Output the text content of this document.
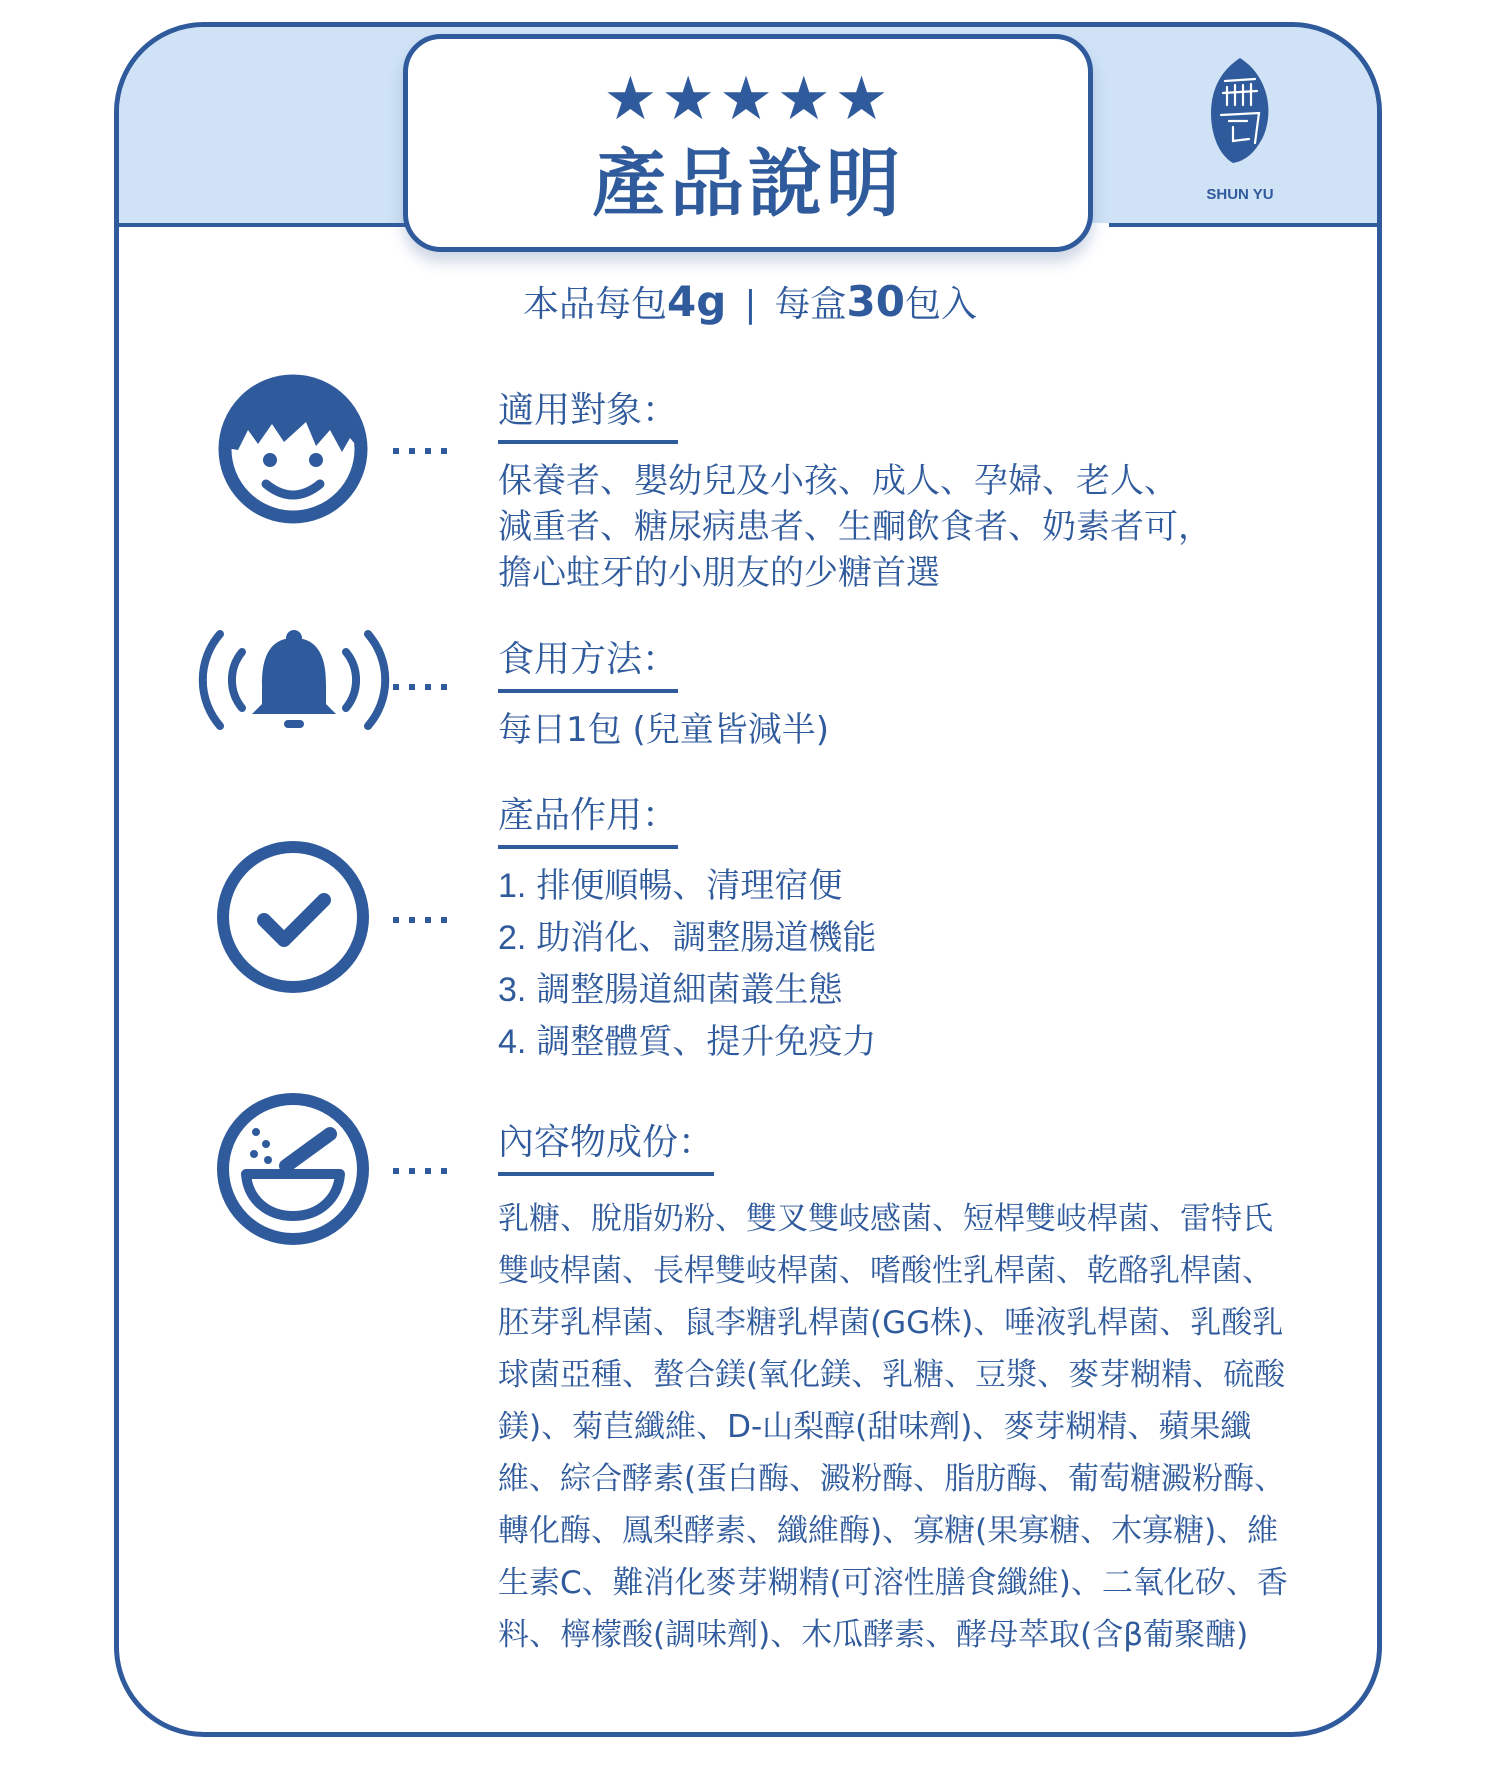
★★★★★
產品說明	SHUN YU
本品每包4g | 每盒30包入
適用對象：
保養者、嬰幼兒及小孩、成人、孕婦、老人、
減重者、糖尿病患者、生酮飲食者、奶素者可，
擔心蛀牙的小朋友的少糖首選
食用方法：
每日1包 (兒童皆減半)
產品作用：
1. 排便順暢、清理宿便
2. 助消化、調整腸道機能
3. 調整腸道細菌叢生態
4. 調整體質、提升免疫力
內容物成份：
乳糖、脫脂奶粉、雙叉雙岐感菌、短桿雙岐桿菌、雷特氏
雙岐桿菌、長桿雙岐桿菌、嗜酸性乳桿菌、乾酪乳桿菌、
胚芽乳桿菌、鼠李糖乳桿菌(GG株)、唾液乳桿菌、乳酸乳
球菌亞種、螯合鎂(氧化鎂、乳糖、豆漿、麥芽糊精、硫酸
鎂)、菊苣纖維、D-山梨醇(甜味劑)、麥芽糊精、蘋果纖
維、綜合酵素(蛋白酶、澱粉酶、脂肪酶、葡萄糖澱粉酶、
轉化酶、鳳梨酵素、纖維酶)、寡糖(果寡糖、木寡糖)、維
生素C、難消化麥芽糊精(可溶性膳食纖維)、二氧化矽、香
料、檸檬酸(調味劑)、木瓜酵素、酵母萃取(含β葡聚醣)
